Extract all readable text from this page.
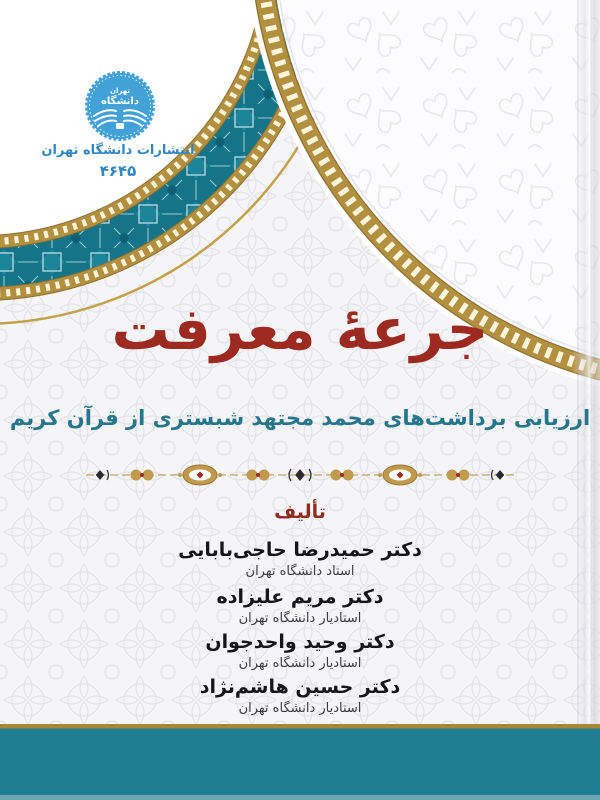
تهران
دانشگاه
انتشارات دانشگاه تهران
۴۶۴۵
جرعهٔ معرفت
ارزیابی برداشت‌های محمد مجتهد شبستری از قرآن کریم
تألیف
دکتر حمیدرضا حاجی‌بابایی
استاد دانشگاه تهران
دکتر مریم علیزاده
استادیار دانشگاه تهران
دکتر وحید واحدجوان
استادیار دانشگاه تهران
دکتر حسین هاشم‌نژاد
استادیار دانشگاه تهران
